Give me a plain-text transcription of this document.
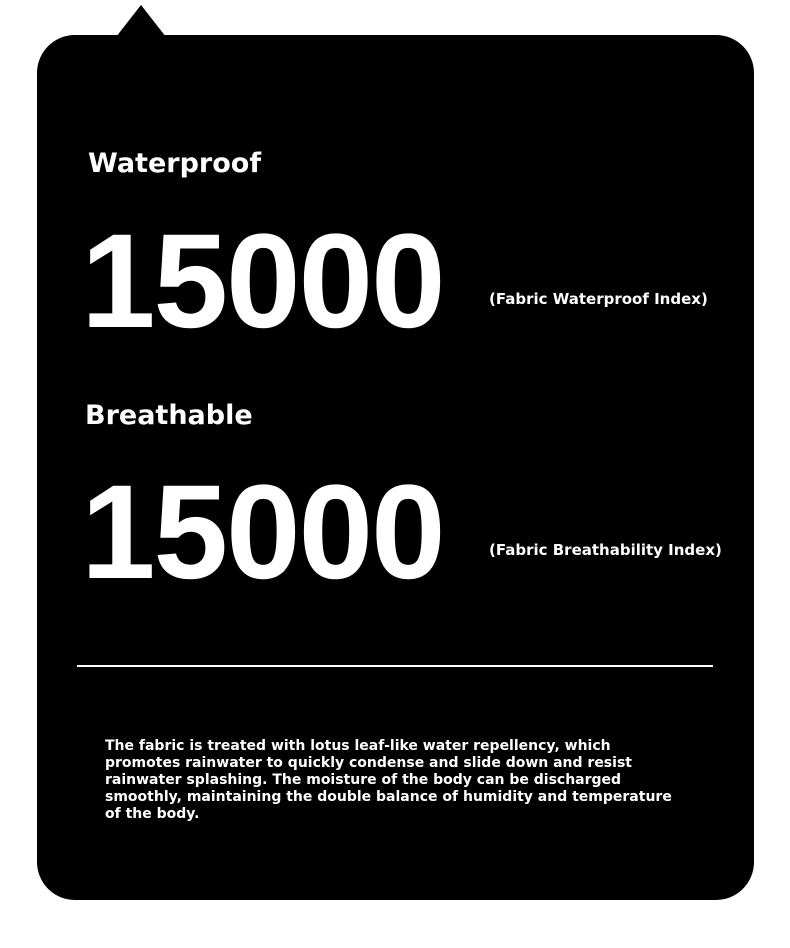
Waterproof
15000	(Fabric Waterproof Index)
Breathable
15000	(Fabric Breathability Index)

The fabric is treated with lotus leaf-like water repellency, which promotes rainwater to quickly condense and slide down and resist rainwater splashing. The moisture of the body can be discharged smoothly, maintaining the double balance of humidity and temperature of the body.
